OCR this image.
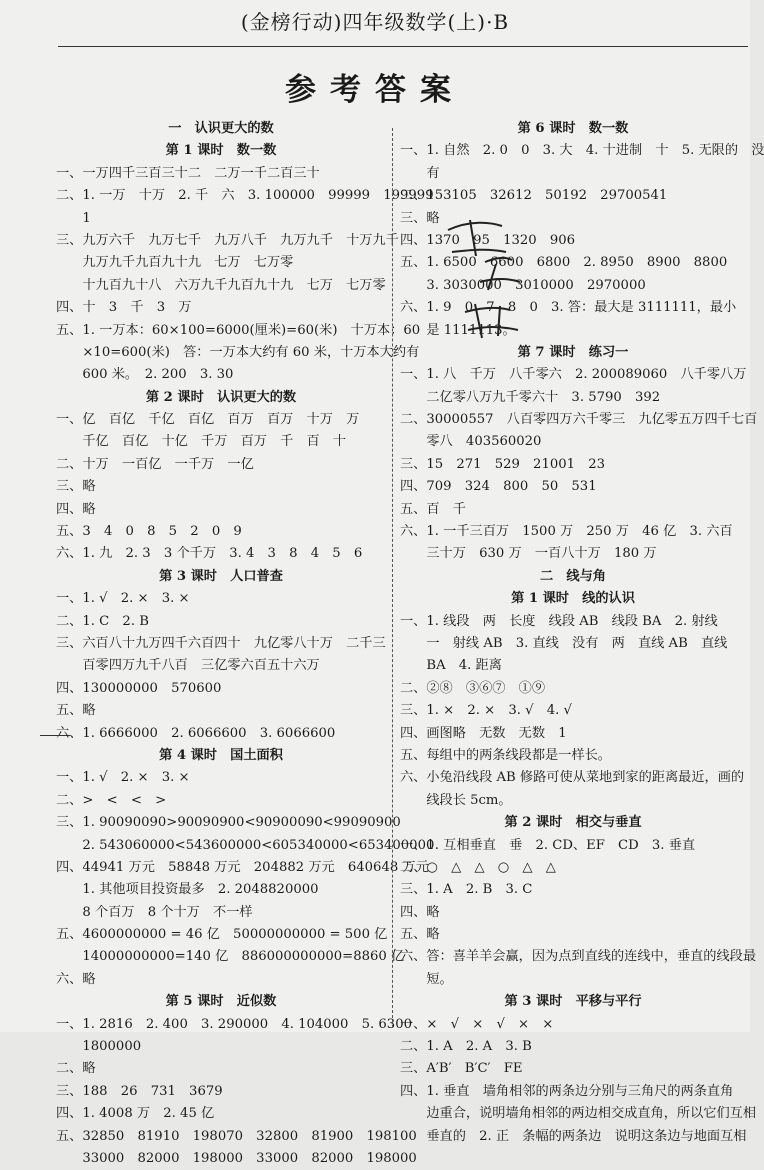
(金榜行动)四年级数学(上)·B
参考答案
一　认识更大的数
第 1 课时　数一数
一、一万四千三百三十二　二万一千二百三十
二、1. 一万　十万　2. 千　六　3. 100000　99999　199999
　　1
三、九万六千　九万七千　九万八千　九万九千　十万九千
　　九万九千九百九十九　七万　七万零
　　十九百九十八　六万九千九百九十九　七万　七万零
四、十　3　千　3　万
五、1. 一万本：60×100=6000(厘米)=60(米)　十万本：60
　　×10=600(米)　答：一万本大约有 60 米，十万本大约有
　　600 米。　2. 200　3. 30
第 2 课时　认识更大的数
一、亿　百亿　千亿　百亿　百万　百万　十万　万
　　千亿　百亿　十亿　千万　百万　千　百　十
二、十万　一百亿　一千万　一亿
三、略
四、略
五、3　4　0　8　5　2　0　9
六、1. 九　2. 3　3 个千万　3. 4　3　8　4　5　6
第 3 课时　人口普查
一、1. √　2. ×　3. ×
二、1. C　2. B
三、六百八十九万四千六百四十　九亿零八十万　二千三
　　百零四万九千八百　三亿零六百五十六万
四、130000000　570600
五、略
六、1. 6666000　2. 6066600　3. 6066600
第 4 课时　国土面积
一、1. √　2. ×　3. ×
二、>　<　<　>
三、1. 90090090>90090900<90900090<99090900
　　2. 543060000<543600000<605340000<653400000
四、44941 万元　58848 万元　204882 万元　640648 万元
　　1. 其他项目投资最多　2. 2048820000
　　8 个百万　8 个十万　不一样
五、4600000000 = 46 亿　50000000000 = 500 亿
　　14000000000=140 亿　886000000000=8860 亿
六、略
第 5 课时　近似数
一、1. 2816　2. 400　3. 290000　4. 104000　5. 6300
　　1800000
二、略
三、188　26　731　3679
四、1. 4008 万　2. 45 亿
五、32850　81910　198070　32800　81900　198100
　　33000　82000　198000　33000　82000　198000
第 6 课时　数一数
一、1. 自然　2. 0　0　3. 大　4. 十进制　十　5. 无限的　没
　　有
二、153105　32612　50192　29700541
三、略
四、1370　95　1320　906
五、1. 6500　6600　6800　2. 8950　8900　8800
　　3. 3030000　3010000　2970000
六、1. 9　0　7　8　0　3. 答：最大是 3111111，最小
　　是 1111113。
第 7 课时　练习一
一、1. 八　千万　八千零六　2. 200089060　八千零八万
　　二亿零八万九千零六十　3. 5790　392
二、30000557　八百零四万六千零三　九亿零五万四千七百
　　零八　403560020
三、15　271　529　21001　23
四、709　324　800　50　531
五、百　千
六、1. 一千三百万　1500 万　250 万　46 亿　3. 六百
　　三十万　630 万　一百八十万　180 万
二　线与角
第 1 课时　线的认识
一、1. 线段　两　长度　线段 AB　线段 BA　2. 射线
　　一　射线 AB　3. 直线　没有　两　直线 AB　直线
　　BA　4. 距离
二、②⑧　③⑥⑦　①⑨
三、1. ×　2. ×　3. √　4. √
四、画图略　无数　无数　1
五、每组中的两条线段都是一样长。
六、小兔沿线段 AB 修路可使从菜地到家的距离最近，画的
　　线段长 5cm。
第 2 课时　相交与垂直
一、1. 互相垂直　垂　2. CD、EF　CD　3. 垂直
二、○　△　△　○　△　△
三、1. A　2. B　3. C
四、略
五、略
六、答：喜羊羊会赢，因为点到直线的连线中，垂直的线段最
　　短。
第 3 课时　平移与平行
一、×　√　×　√　×　×
二、1. A　2. A　3. B
三、A′B′　B′C′　FE
四、1. 垂直　墙角相邻的两条边分别与三角尺的两条直角
　　边重合，说明墙角相邻的两边相交成直角，所以它们互相
　　垂直的　2. 正　条幅的两条边　说明这条边与地面互相
